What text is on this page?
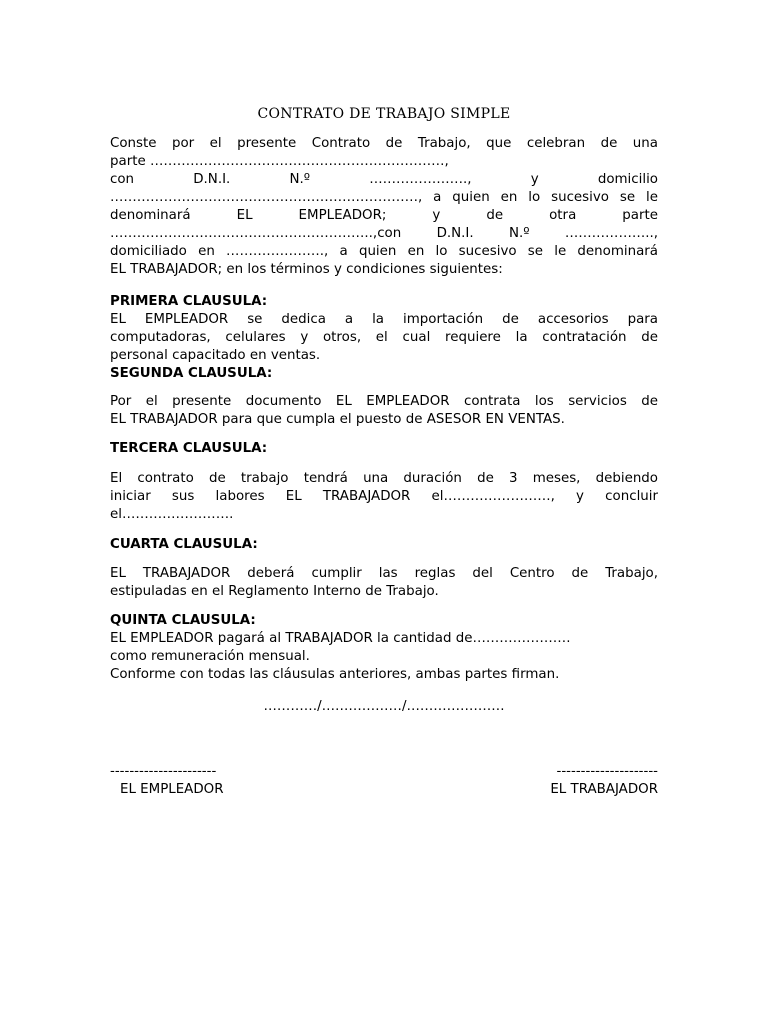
CONTRATO DE TRABAJO SIMPLE
Conste por el presente Contrato de Trabajo, que celebran de una
parte …………………………………………………………,
con D.N.I. N.º …………………., y domicilio
……………………………………………………………, a quien en lo sucesivo se le
denominará EL EMPLEADOR; y de otra parte
…………………………………………………..,con D.N.I. N.º ………………..,
domiciliado en …………………., a quien en lo sucesivo se le denominará
EL TRABAJADOR; en los términos y condiciones siguientes:
PRIMERA CLAUSULA:
EL EMPLEADOR se dedica a la importación de accesorios para
computadoras, celulares y otros, el cual requiere la contratación de
personal capacitado en ventas.
SEGUNDA CLAUSULA:
Por el presente documento EL EMPLEADOR contrata los servicios de
EL TRABAJADOR para que cumpla el puesto de ASESOR EN VENTAS.
TERCERA CLAUSULA:
El contrato de trabajo tendrá una duración de 3 meses, debiendo
iniciar sus labores EL TRABAJADOR el……………………, y concluir
el…………………….
CUARTA CLAUSULA:
EL TRABAJADOR deberá cumplir las reglas del Centro de Trabajo,
estipuladas en el Reglamento Interno de Trabajo.
QUINTA CLAUSULA:
EL EMPLEADOR pagará al TRABAJADOR la cantidad de………………….
como remuneración mensual.
Conforme con todas las cláusulas anteriores, ambas partes firman.
…………/………………/………………….
----------------------
EL EMPLEADOR
---------------------
EL TRABAJADOR
